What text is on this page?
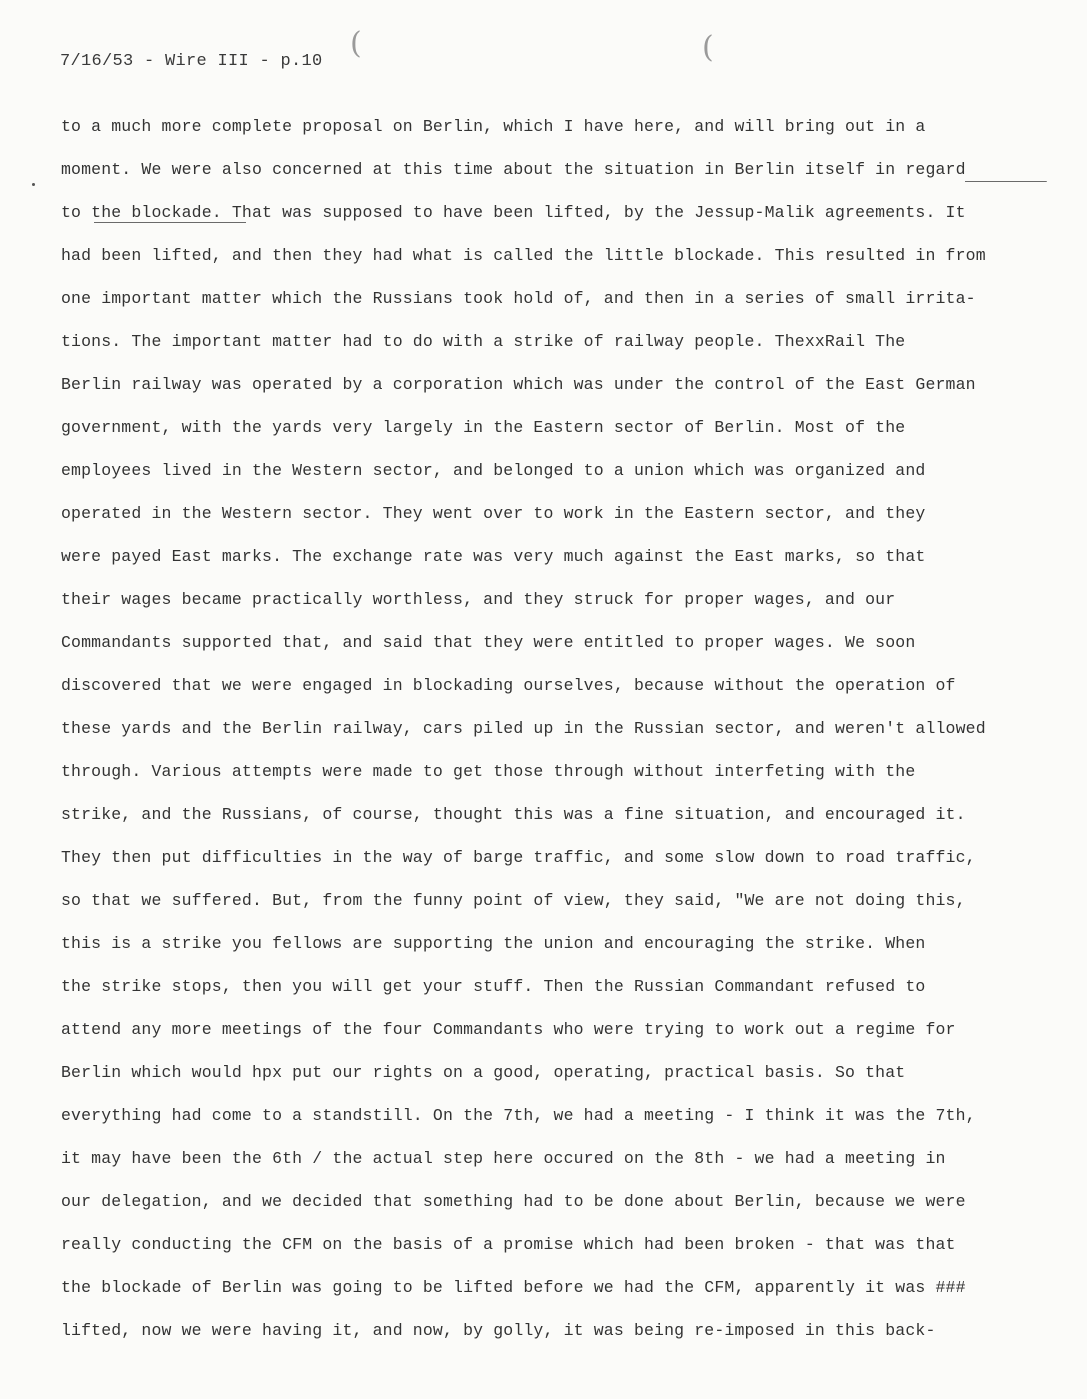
7/16/53 - Wire III - p.10
(	(
to a much more complete proposal on Berlin, which I have here, and will bring out in a
moment. We were also concerned at this time about the situation in Berlin itself in regard
to the blockade. That was supposed to have been lifted, by the Jessup-Malik agreements. It
had been lifted, and then they had what is called the little blockade. This resulted in from
one important matter which the Russians took hold of, and then in a series of small irrita-
tions. The important matter had to do with a strike of railway people. ThexxRail The
Berlin railway was operated by a corporation which was under the control of the East German
government, with the yards very largely in the Eastern sector of Berlin. Most of the
employees lived in the Western sector, and belonged to a union which was organized and
operated in the Western sector. They went over to work in the Eastern sector, and they
were payed East marks. The exchange rate was very much against the East marks, so that
their wages became practically worthless, and they struck for proper wages, and our
Commandants supported that, and said that they were entitled to proper wages. We soon
discovered that we were engaged in blockading ourselves, because without the operation of
these yards and the Berlin railway, cars piled up in the Russian sector, and weren't allowed
through. Various attempts were made to get those through without interfeting with the
strike, and the Russians, of course, thought this was a fine situation, and encouraged it.
They then put difficulties in the way of barge traffic, and some slow down to road traffic,
so that we suffered. But, from the funny point of view, they said, "We are not doing this,
this is a strike you fellows are supporting the union and encouraging the strike. When
the strike stops, then you will get your stuff. Then the Russian Commandant refused to
attend any more meetings of the four Commandants who were trying to work out a regime for
Berlin which would hpx put our rights on a good, operating, practical basis. So that
everything had come to a standstill. On the 7th, we had a meeting - I think it was the 7th,
it may have been the 6th / the actual step here occured on the 8th - we had a meeting in
our delegation, and we decided that something had to be done about Berlin, because we were
really conducting the CFM on the basis of a promise which had been broken - that was that
the blockade of Berlin was going to be lifted before we had the CFM, apparently it was ###
lifted, now we were having it, and now, by golly, it was being re-imposed in this back-
